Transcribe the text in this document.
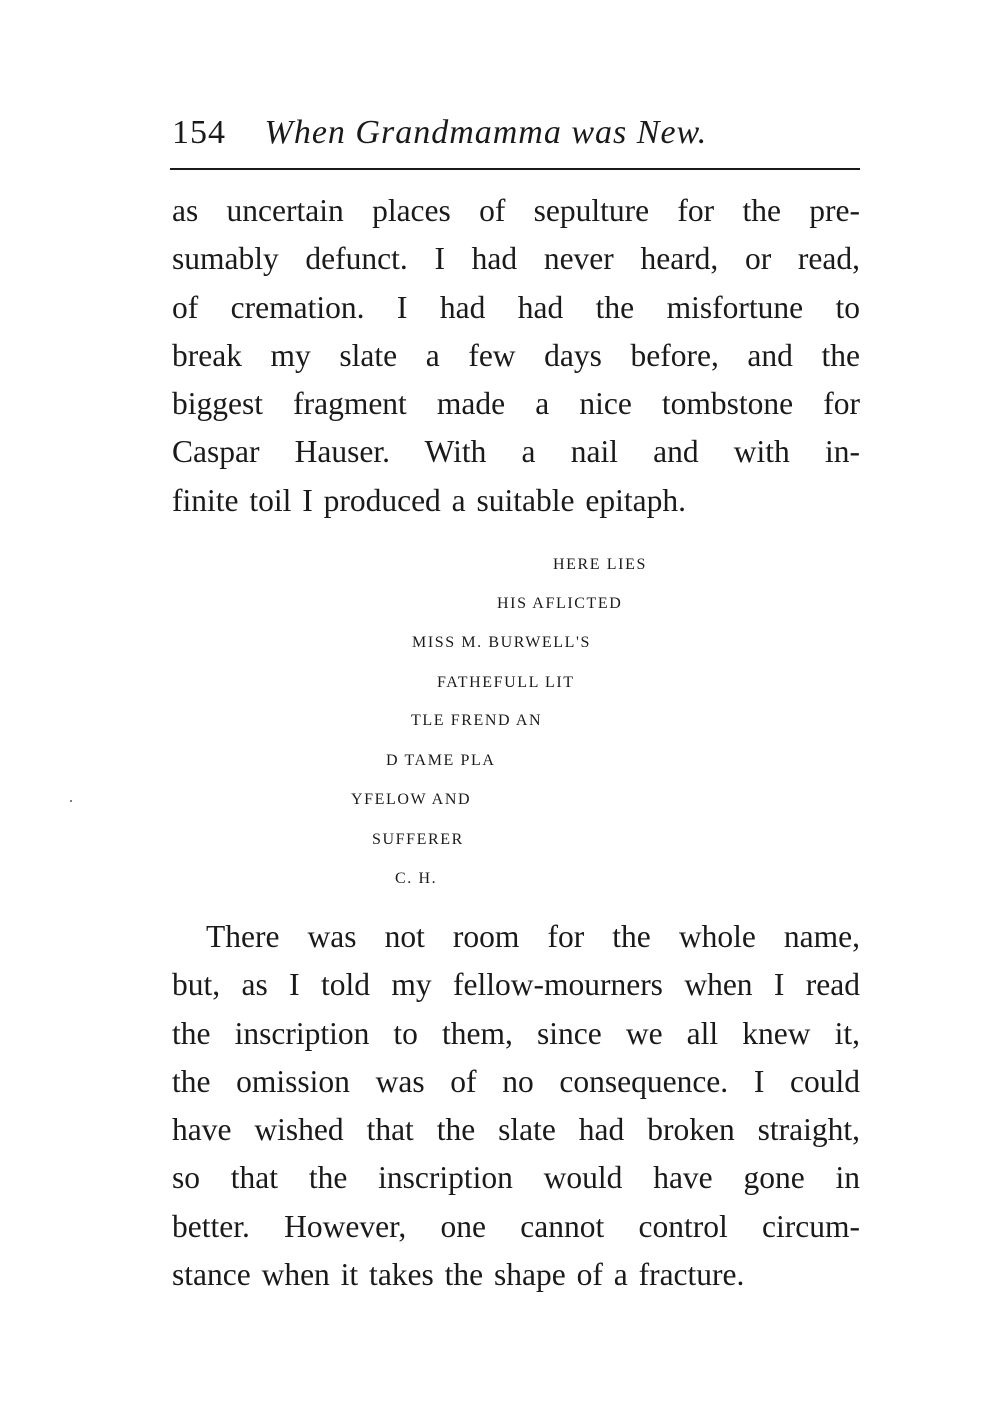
154 When Grandmamma was New.
as uncertain places of sepulture for the pre-
sumably defunct. I had never heard, or read,
of cremation. I had had the misfortune to
break my slate a few days before, and the
biggest fragment made a nice tombstone for
Caspar Hauser. With a nail and with in-
finite toil I produced a suitable epitaph.
HERE LIES
HIS AFLICTED
MISS M. BURWELL'S
FATHEFULL LIT
TLE FREND AN
D TAME PLA
YFELOW AND
SUFFERER
C. H.
There was not room for the whole name,
but, as I told my fellow-mourners when I read
the inscription to them, since we all knew it,
the omission was of no consequence. I could
have wished that the slate had broken straight,
so that the inscription would have gone in
better. However, one cannot control circum-
stance when it takes the shape of a fracture.
